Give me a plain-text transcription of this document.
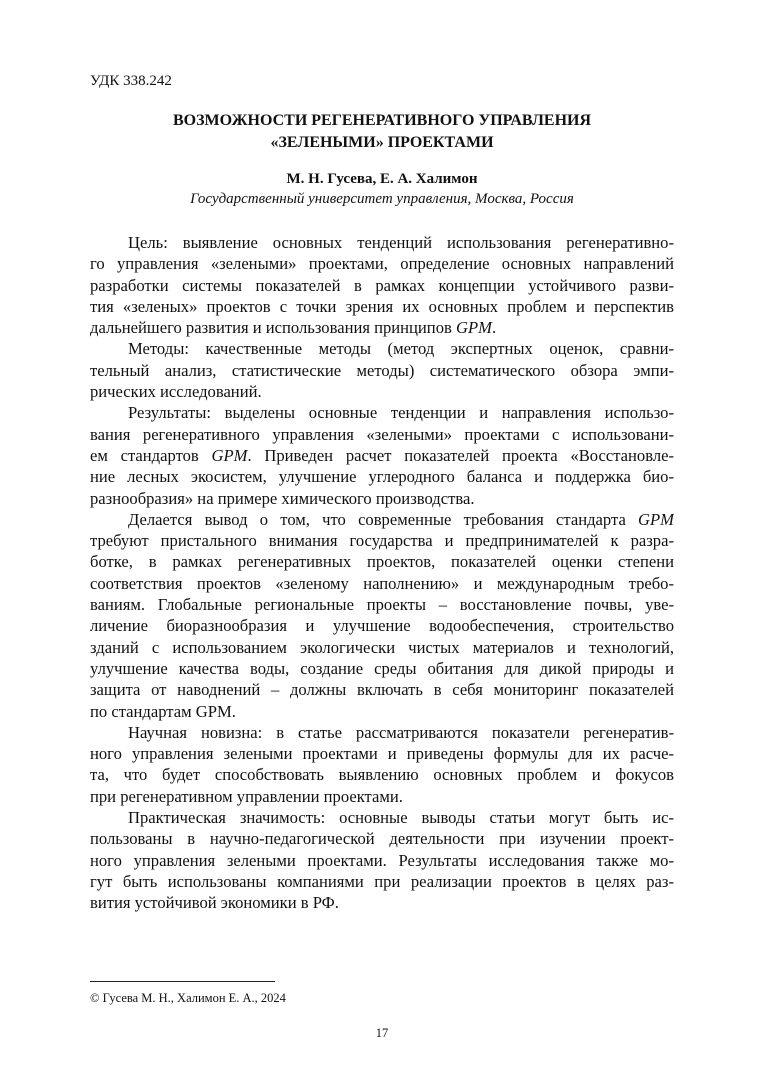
УДК 338.242
ВОЗМОЖНОСТИ РЕГЕНЕРАТИВНОГО УПРАВЛЕНИЯ
«ЗЕЛЕНЫМИ» ПРОЕКТАМИ
М. Н. Гусева, Е. А. Халимон
Государственный университет управления, Москва, Россия

Цель: выявление основных тенденций использования регенеративно-
го управления «зелеными» проектами, определение основных направлений
разработки системы показателей в рамках концепции устойчивого разви-
тия «зеленых» проектов с точки зрения их основных проблем и перспектив
дальнейшего развития и использования принципов GPM.

Методы: качественные методы (метод экспертных оценок, сравни-
тельный анализ, статистические методы) систематического обзора эмпи-
рических исследований.

Результаты: выделены основные тенденции и направления использо-
вания регенеративного управления «зелеными» проектами с использовани-
ем стандартов GPM. Приведен расчет показателей проекта «Восстановле-
ние лесных экосистем, улучшение углеродного баланса и поддержка био-
разнообразия» на примере химического производства.

Делается вывод о том, что современные требования стандарта GPM
требуют пристального внимания государства и предпринимателей к разра-
ботке, в рамках регенеративных проектов, показателей оценки степени
соответствия проектов «зеленому наполнению» и международным требо-
ваниям. Глобальные региональные проекты – восстановление почвы, уве-
личение биоразнообразия и улучшение водообеспечения, строительство
зданий с использованием экологически чистых материалов и технологий,
улучшение качества воды, создание среды обитания для дикой природы и
защита от наводнений – должны включать в себя мониторинг показателей
по стандартам GPM.

Научная новизна: в статье рассматриваются показатели регенератив-
ного управления зелеными проектами и приведены формулы для их расче-
та, что будет способствовать выявлению основных проблем и фокусов
при регенеративном управлении проектами.

Практическая значимость: основные выводы статьи могут быть ис-
пользованы в научно-педагогической деятельности при изучении проект-
ного управления зелеными проектами. Результаты исследования также мо-
гут быть использованы компаниями при реализации проектов в целях раз-
вития устойчивой экономики в РФ.

© Гусева М. Н., Халимон Е. А., 2024
17
